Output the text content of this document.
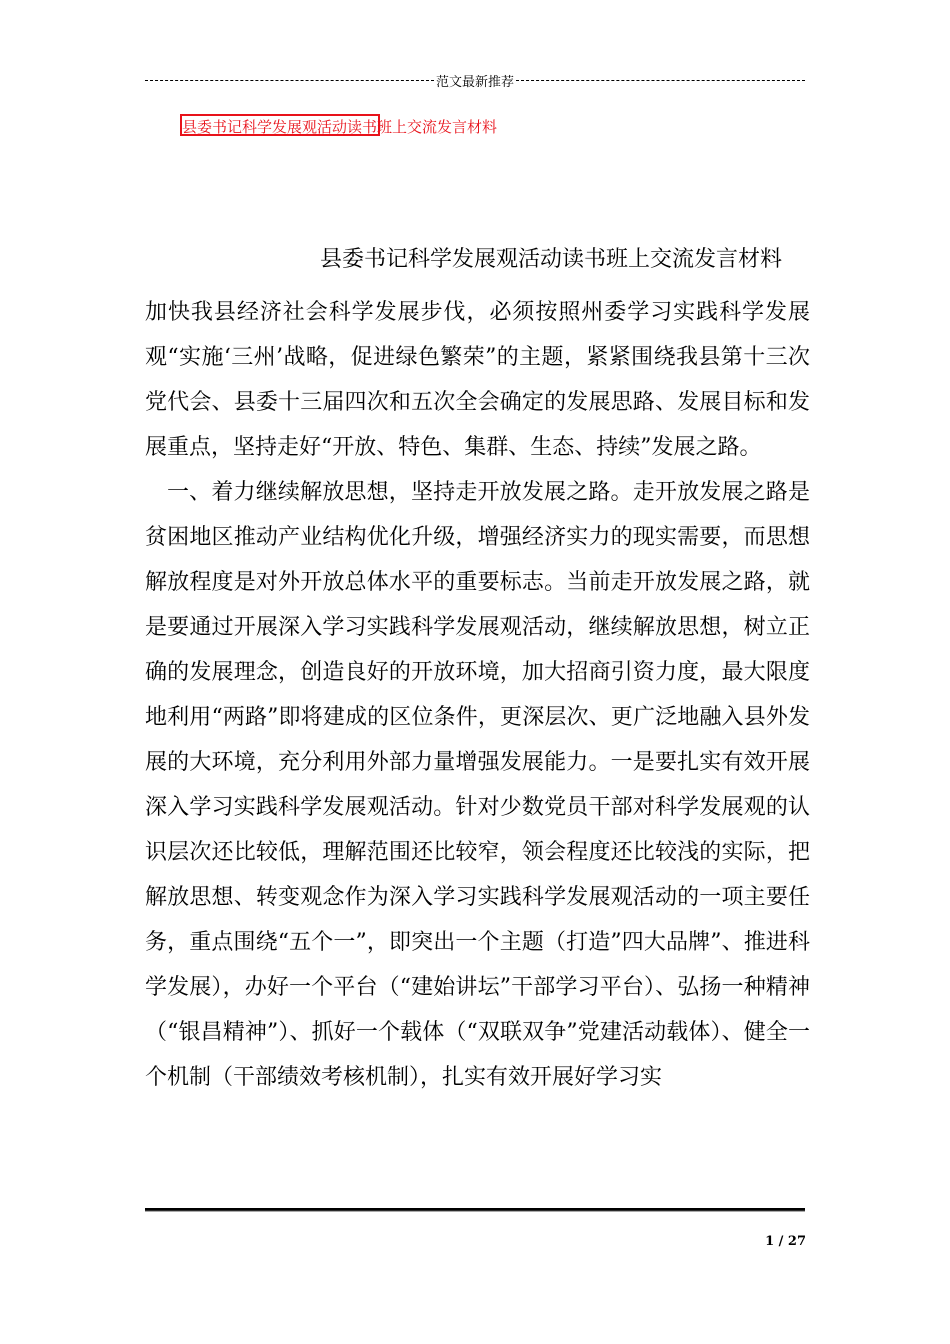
范文最新推荐
县委书记科学发展观活动读书班上交流发言材料
县委书记科学发展观活动读书班上交流发言材料

加快我县经济社会科学发展步伐，必须按照州委学习实践科学发展观“实施‘三州’战略，促进绿色繁荣”的主题，紧紧围绕我县第十三次党代会、县委十三届四次和五次全会确定的发展思路、发展目标和发展重点，坚持走好“开放、特色、集群、生态、持续”发展之路。

一、着力继续解放思想，坚持走开放发展之路。走开放发展之路是贫困地区推动产业结构优化升级，增强经济实力的现实需要，而思想解放程度是对外开放总体水平的重要标志。当前走开放发展之路，就是要通过开展深入学习实践科学发展观活动，继续解放思想，树立正确的发展理念，创造良好的开放环境，加大招商引资力度，最大限度地利用“两路”即将建成的区位条件，更深层次、更广泛地融入县外发展的大环境，充分利用外部力量增强发展能力。一是要扎实有效开展深入学习实践科学发展观活动。针对少数党员干部对科学发展观的认识层次还比较低，理解范围还比较窄，领会程度还比较浅的实际，把解放思想、转变观念作为深入学习实践科学发展观活动的一项主要任务，重点围绕“五个一”，即突出一个主题（打造”四大品牌”、推进科学发展），办好一个平台（“建始讲坛”干部学习平台）、弘扬一种精神（“银昌精神”）、抓好一个载体（“双联双争”党建活动载体）、健全一个机制（干部绩效考核机制），扎实有效开展好学习实

1 / 27
